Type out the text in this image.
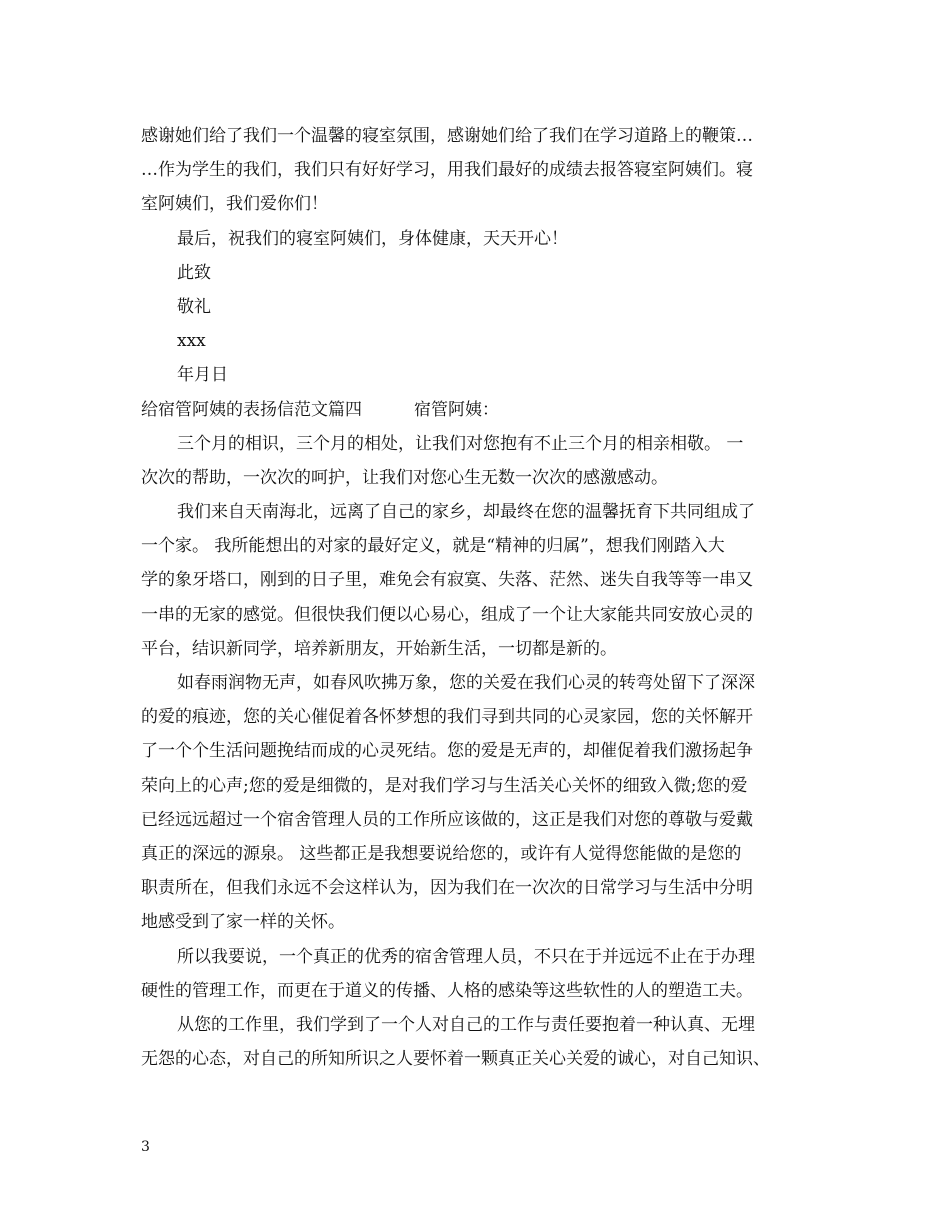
感谢她们给了我们一个温馨的寝室氛围，感谢她们给了我们在学习道路上的鞭策…
…作为学生的我们，我们只有好好学习，用我们最好的成绩去报答寝室阿姨们。寝
室阿姨们，我们爱你们！
最后，祝我们的寝室阿姨们，身体健康，天天开心！
此致
敬礼
xxx
年月日
给宿管阿姨的表扬信范文篇四	宿管阿姨：
三个月的相识，三个月的相处，让我们对您抱有不止三个月的相亲相敬。 一
次次的帮助，一次次的呵护，让我们对您心生无数一次次的感激感动。
我们来自天南海北，远离了自己的家乡，却最终在您的温馨抚育下共同组成了
一个家。 我所能想出的对家的最好定义，就是“精神的归属”，想我们刚踏入大
学的象牙塔口，刚到的日子里，难免会有寂寞、失落、茫然、迷失自我等等一串又
一串的无家的感觉。但很快我们便以心易心，组成了一个让大家能共同安放心灵的
平台，结识新同学，培养新朋友，开始新生活，一切都是新的。
如春雨润物无声，如春风吹拂万象，您的关爱在我们心灵的转弯处留下了深深
的爱的痕迹，您的关心催促着各怀梦想的我们寻到共同的心灵家园，您的关怀解开
了一个个生活问题挽结而成的心灵死结。您的爱是无声的，却催促着我们激扬起争
荣向上的心声;您的爱是细微的，是对我们学习与生活关心关怀的细致入微;您的爱
已经远远超过一个宿舍管理人员的工作所应该做的，这正是我们对您的尊敬与爱戴
真正的深远的源泉。 这些都正是我想要说给您的，或许有人觉得您能做的是您的
职责所在，但我们永远不会这样认为，因为我们在一次次的日常学习与生活中分明
地感受到了家一样的关怀。
所以我要说，一个真正的优秀的宿舍管理人员，不只在于并远远不止在于办理
硬性的管理工作，而更在于道义的传播、人格的感染等这些软性的人的塑造工夫。
从您的工作里，我们学到了一个人对自己的工作与责任要抱着一种认真、无埋
无怨的心态，对自己的所知所识之人要怀着一颗真正关心关爱的诚心，对自己知识、
3
